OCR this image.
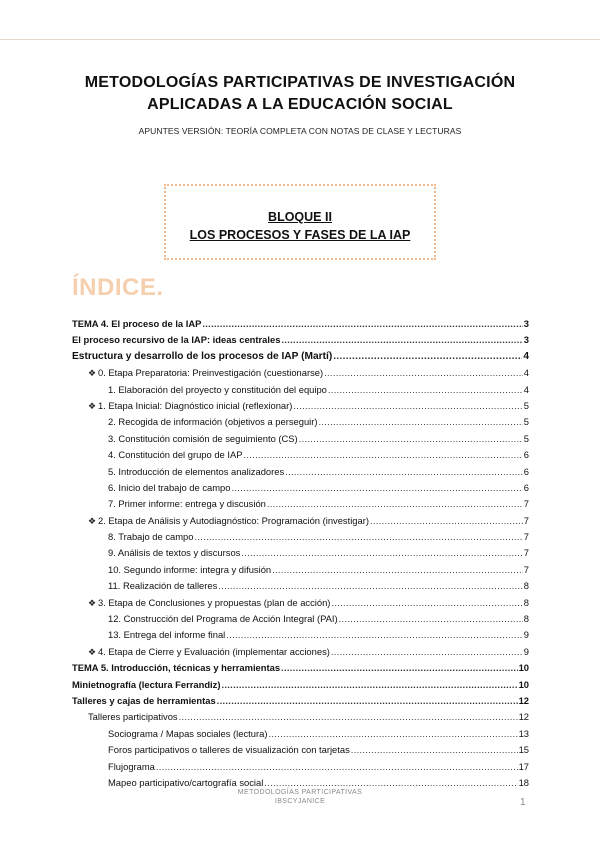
METODOLOGÍAS PARTICIPATIVAS DE INVESTIGACIÓN
APLICADAS A LA EDUCACIÓN SOCIAL
APUNTES VERSIÓN: TEORÍA COMPLETA CON NOTAS DE CLASE Y LECTURAS
BLOQUE II
LOS PROCESOS Y FASES DE LA IAP
ÍNDICE.
TEMA 4. El proceso de la IAP .....	3
El proceso recursivo de la IAP: ideas centrales .....	3
Estructura y desarrollo de los procesos de IAP (Martí) .....	4
❖ 0. Etapa Preparatoria: Preinvestigación (cuestionarse) .....	4
1. Elaboración del proyecto y constitución del equipo .....	4
❖ 1. Etapa Inicial: Diagnóstico inicial (reflexionar) .....	5
2. Recogida de información (objetivos a perseguir) .....	5
3. Constitución comisión de seguimiento (CS) .....	5
4. Constitución del grupo de IAP .....	6
5. Introducción de elementos analizadores .....	6
6. Inicio del trabajo de campo .....	6
7. Primer informe: entrega y discusión .....	7
❖ 2. Etapa de Análisis y Autodiagnóstico: Programación (investigar) .....	7
8. Trabajo de campo .....	7
9. Análisis de textos y discursos .....	7
10. Segundo informe: integra y difusión .....	7
11. Realización de talleres .....	8
❖ 3. Etapa de Conclusiones y propuestas (plan de acción) .....	8
12. Construcción del Programa de Acción Integral (PAI) .....	8
13. Entrega del informe final .....	9
❖ 4. Etapa de Cierre y Evaluación (implementar acciones) .....	9
TEMA 5. Introducción, técnicas y herramientas .....	10
Minietnografía (lectura Ferrandiz) .....	10
Talleres y cajas de herramientas .....	12
Talleres participativos .....	12
Sociograma / Mapas sociales (lectura) .....	13
Foros participativos o talleres de visualización con tarjetas .....	15
Flujograma .....	17
Mapeo participativo/cartografía social .....	18
METODOLOGÍAS PARTICIPATIVAS
IBSCYJANICE	1
